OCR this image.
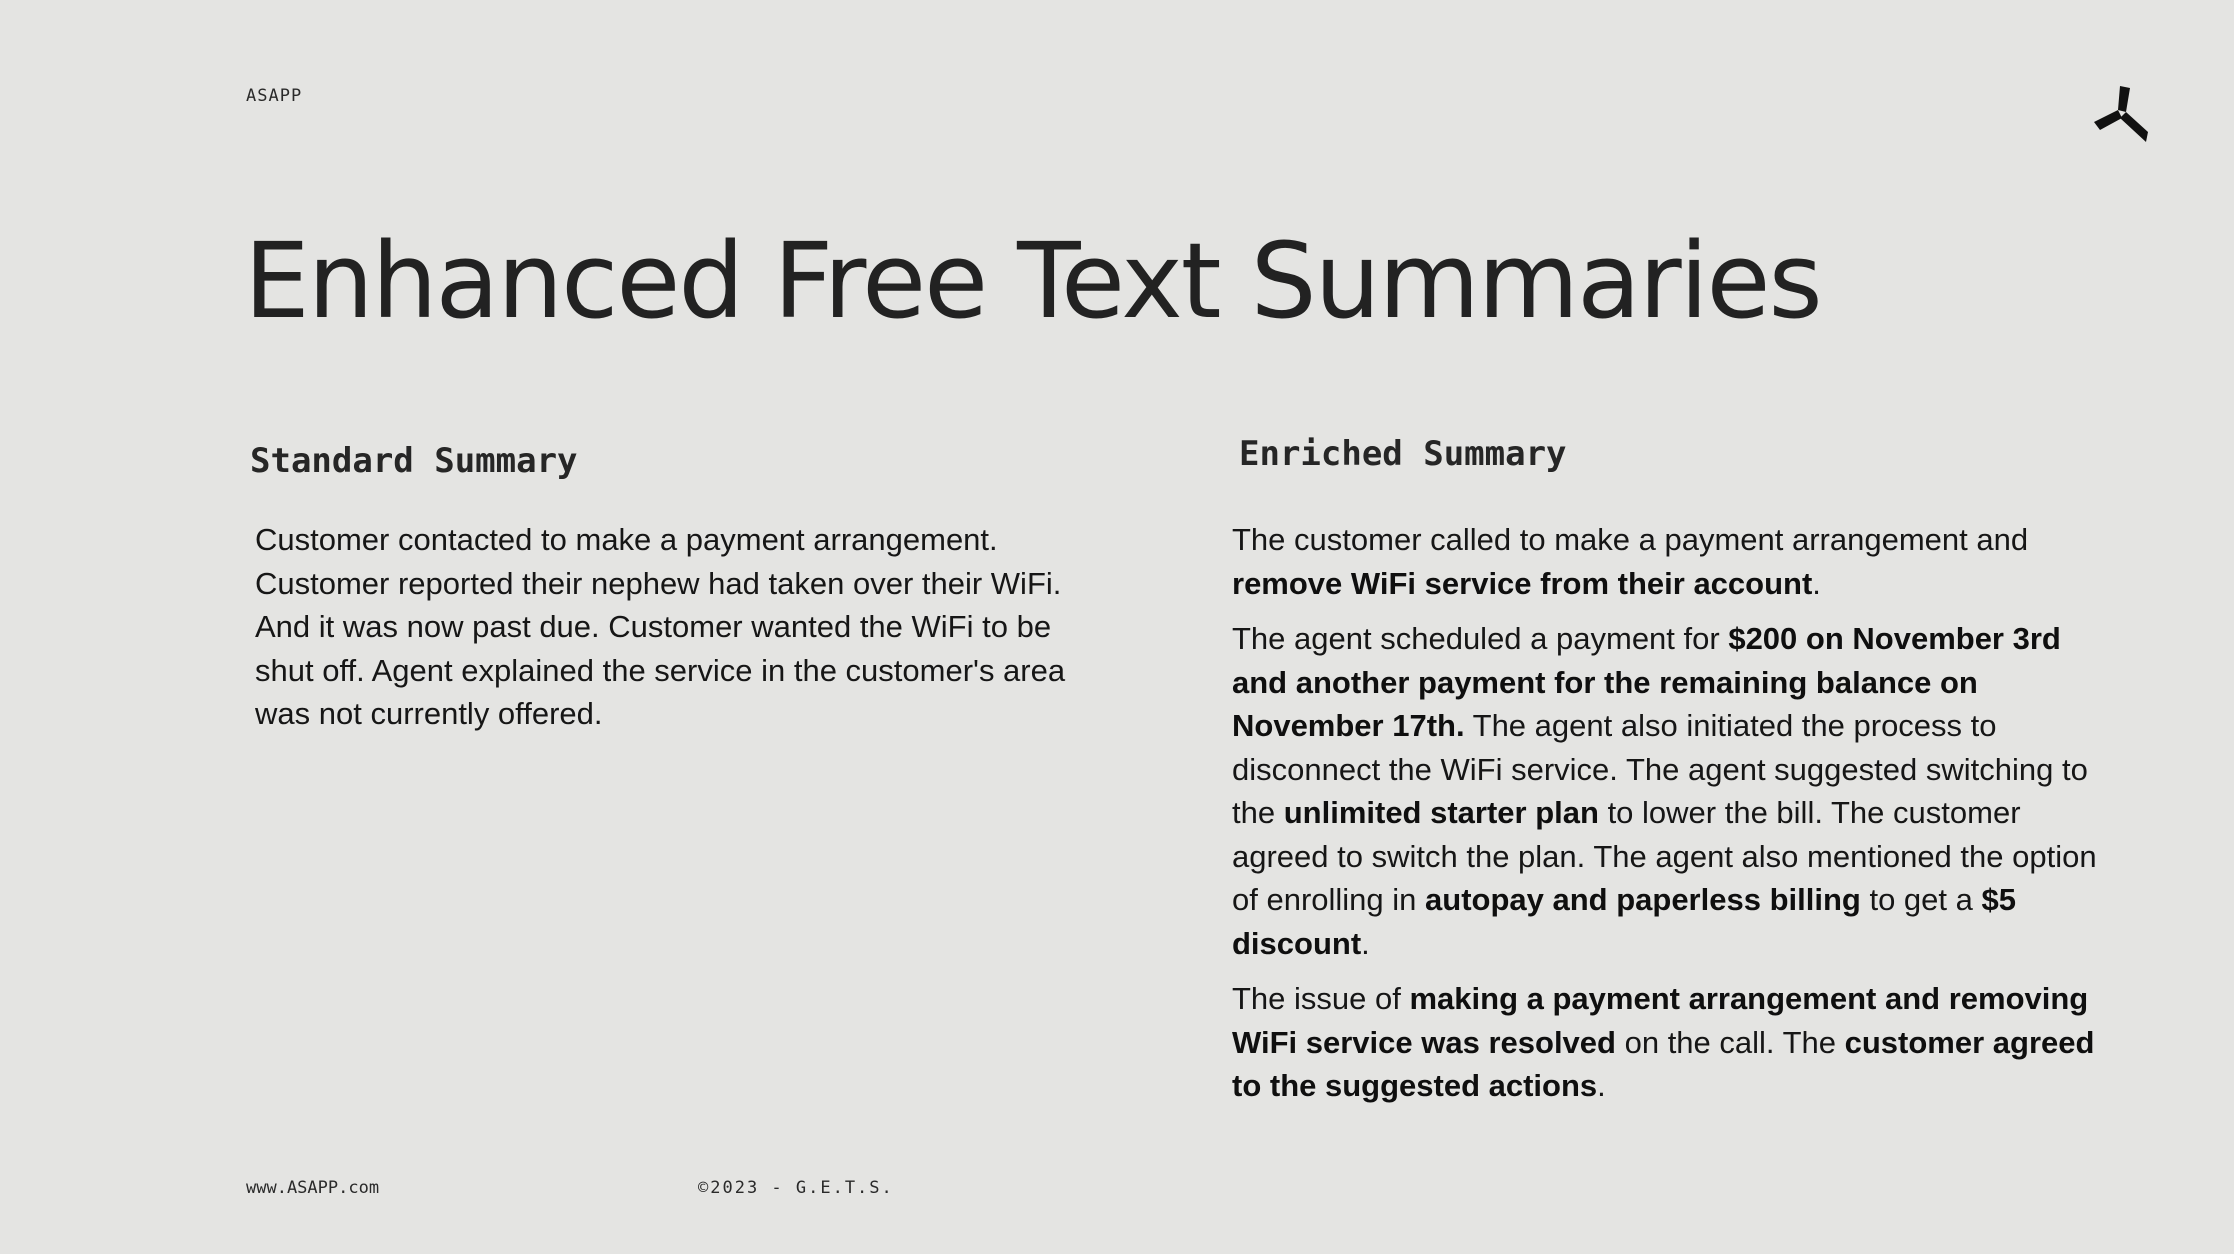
ASAPP
Enhanced Free Text Summaries
Standard Summary
Customer contacted to make a payment arrangement. Customer reported their nephew had taken over their WiFi. And it was now past due. Customer wanted the WiFi to be shut off. Agent explained the service in the customer's area was not currently offered.
Enriched Summary

The customer called to make a payment arrangement and remove WiFi service from their account.

The agent scheduled a payment for $200 on November 3rd and another payment for the remaining balance on November 17th. The agent also initiated the process to disconnect the WiFi service. The agent suggested switching to the unlimited starter plan to lower the bill. The customer agreed to switch the plan. The agent also mentioned the option of enrolling in autopay and paperless billing to get a $5 discount.

The issue of making a payment arrangement and removing WiFi service was resolved on the call. The customer agreed to the suggested actions.

www.ASAPP.com	©2023 - G.E.T.S.
